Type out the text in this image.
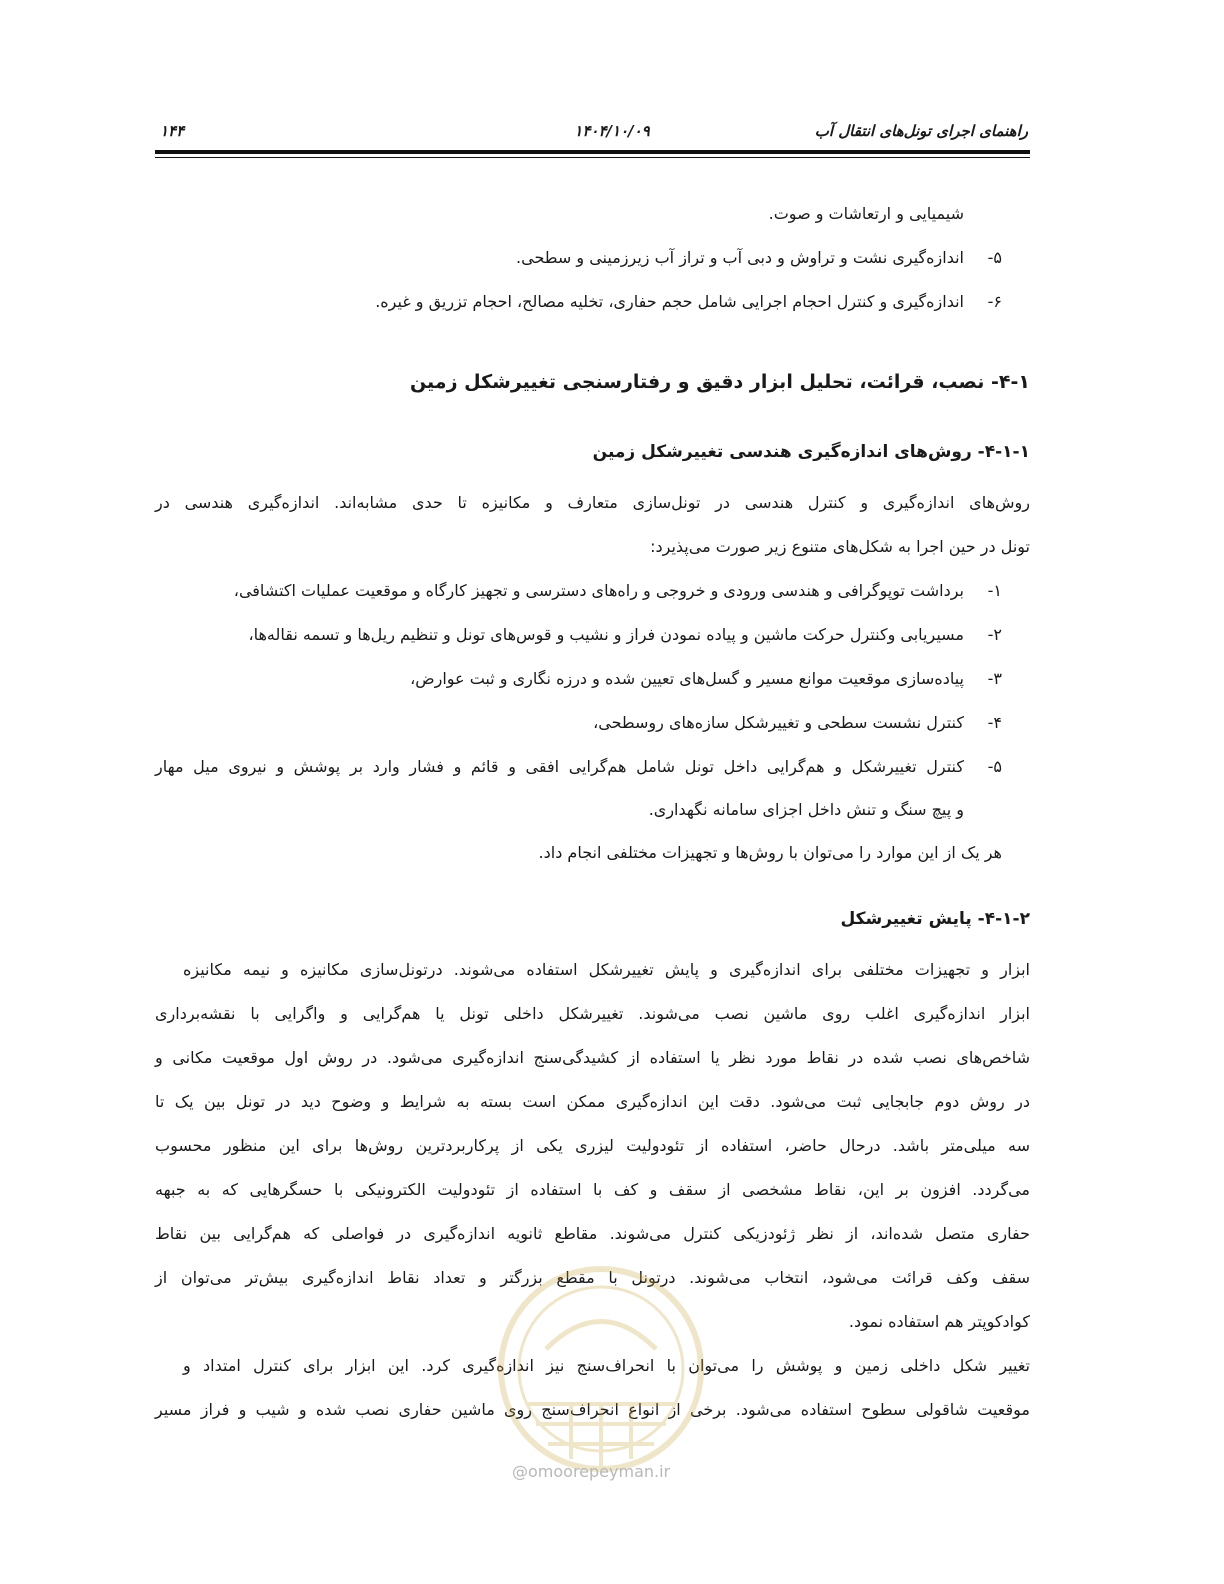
راهنمای اجرای تونل‌های انتقال آب
۱۴۰۴/۱۰/۰۹
۱۴۴
شیمیایی و ارتعاشات و صوت.
۵-
اندازه‌گیری نشت و تراوش و دبی آب و تراز آب زیرزمینی و سطحی.
۶-
اندازه‌گیری و کنترل احجام اجرایی شامل حجم حفاری، تخلیه مصالح، احجام تزریق و غیره.
۴-۱- نصب، قرائت، تحلیل ابزار دقیق و رفتارسنجی تغییرشکل زمین
۴-۱-۱- روش‌های اندازه‌گیری هندسی تغییرشکل زمین
روش‌های اندازه‌گیری و کنترل هندسی در تونل‌سازی متعارف و مکانیزه تا حدی مشابه‌اند. اندازه‌گیری هندسی در
تونل در حین اجرا به شکل‌های متنوع زیر صورت می‌پذیرد:
۱-
برداشت توپوگرافی و هندسی ورودی و خروجی و راه‌های دسترسی و تجهیز کارگاه و موقعیت عملیات اکتشافی،
۲-
مسیریابی وکنترل حرکت ماشین و پیاده نمودن فراز و نشیب و قوس‌های تونل و تنظیم ریل‌ها و تسمه نقاله‌ها،
۳-
پیاده‌سازی موقعیت موانع مسیر و گسل‌های تعیین شده و درزه نگاری و ثبت عوارض،
۴-
کنترل نشست سطحی و تغییرشکل سازه‌های روسطحی،
۵-
کنترل تغییرشکل و هم‌گرایی داخل تونل شامل هم‌گرایی افقی و قائم و فشار وارد بر پوشش و نیروی میل مهار
و پیچ سنگ و تنش داخل اجزای سامانه نگهداری.
هر یک از این موارد را می‌توان با روش‌ها و تجهیزات مختلفی انجام داد.
۴-۱-۲- پایش تغییرشکل
ابزار و تجهیزات مختلفی برای اندازه‌گیری و پایش تغییرشکل استفاده می‌شوند. درتونل‌سازی مکانیزه و نیمه مکانیزه
ابزار اندازه‌گیری اغلب روی ماشین نصب می‌شوند. تغییرشکل داخلی تونل یا هم‌گرایی و واگرایی با نقشه‌برداری
شاخص‌های نصب شده در نقاط مورد نظر یا استفاده از کشیدگی‌سنج اندازه‌گیری می‌شود. در روش اول موقعیت مکانی و
در روش دوم جابجایی ثبت می‌شود. دقت این اندازه‌گیری ممکن است بسته به شرایط و وضوح دید در تونل بین یک تا
سه میلی‌متر باشد. درحال حاضر، استفاده از تئودولیت لیزری یکی از پرکاربردترین روش‌ها برای این منظور محسوب
می‌گردد. افزون بر این، نقاط مشخصی از سقف و کف با استفاده از تئودولیت الکترونیکی با حسگرهایی که به جبهه
حفاری متصل شده‌اند، از نظر ژئودزیکی کنترل می‌شوند. مقاطع ثانویه اندازه‌گیری در فواصلی که هم‌گرایی بین نقاط
سقف وکف قرائت می‌شود، انتخاب می‌شوند. درتونل با مقطع بزرگتر و تعداد نقاط اندازه‌گیری بیش‌تر می‌توان از
کوادکوپتر هم استفاده نمود.
تغییر شکل داخلی زمین و پوشش را می‌توان با انحراف‌سنج نیز اندازه‌گیری کرد. این ابزار برای کنترل امتداد و
موقعیت شاقولی سطوح استفاده می‌شود. برخی از انواع انحراف‌سنج روی ماشین حفاری نصب شده و شیب و فراز مسیر
@omoorepeyman.ir
